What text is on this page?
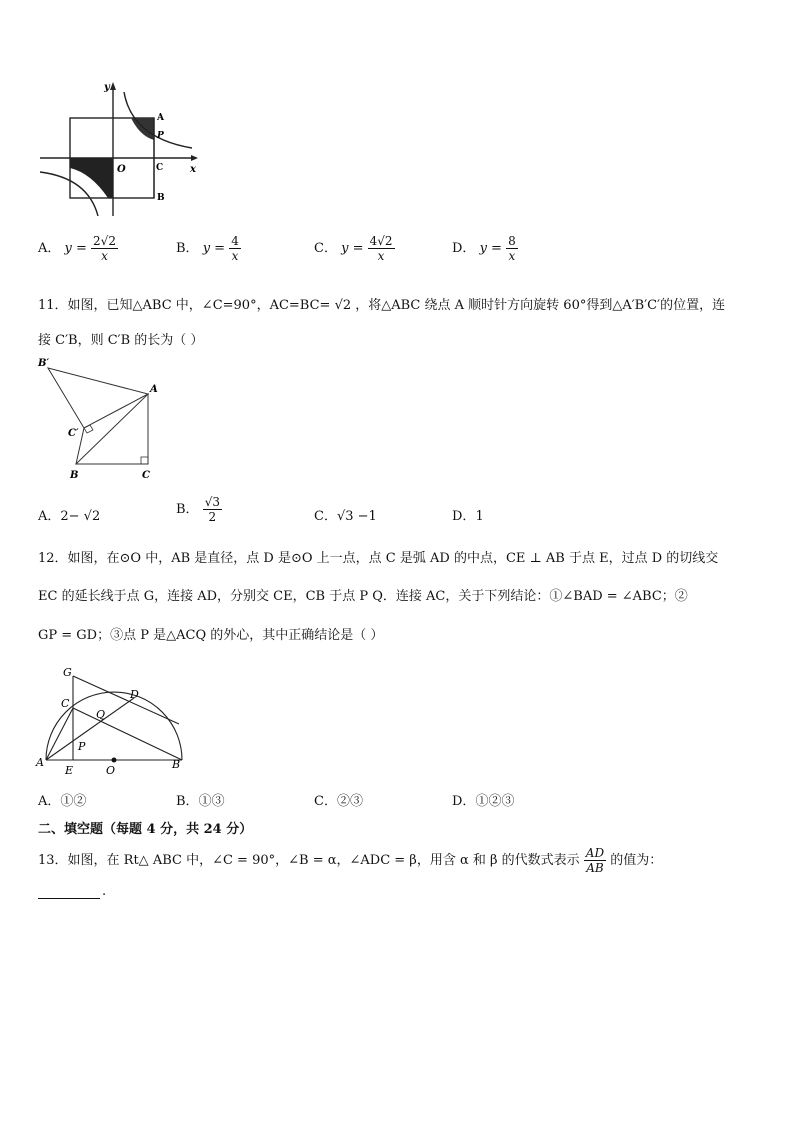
y
x
A
P
O	C
B
A． $y = \frac{2√2}{x}$	B． $y = \frac{4}{x}$	C． $y = \frac{4√2}{x}$	D． $y = \frac{8}{x}$
11．如图，已知△ABC 中，∠C=90°，AC=BC= √2 ，将△ABC 绕点 A 顺时针方向旋转 60°得到△A′B′C′的位置，连
接 C′B，则 C′B 的长为（ ）
B′
A
C′
B	C
A．2− √2	B． $\frac{√3}{2}$	C．√3 −1	D．1
12．如图，在⊙O 中，AB 是直径，点 D 是⊙O 上一点，点 C 是弧 AD 的中点，CE ⊥ AB 于点 E，过点 D 的切线交
EC 的延长线于点 G，连接 AD，分别交 CE，CB 于点 P Q．连接 AC，关于下列结论：①∠BAD = ∠ABC；②
GP = GD；③点 P 是△ACQ 的外心，其中正确结论是（ ）
G
C
D
Q
P
A
E	O	B
A．①②	B．①③	C．②③	D．①②③
二、填空题（每题 4 分，共 24 分）
13．如图，在 Rt△ ABC 中，∠C = 90°，∠B = α，∠ADC = β，用含 α 和 β 的代数式表示 $\frac{AD}{AB}$ 的值为：
.
